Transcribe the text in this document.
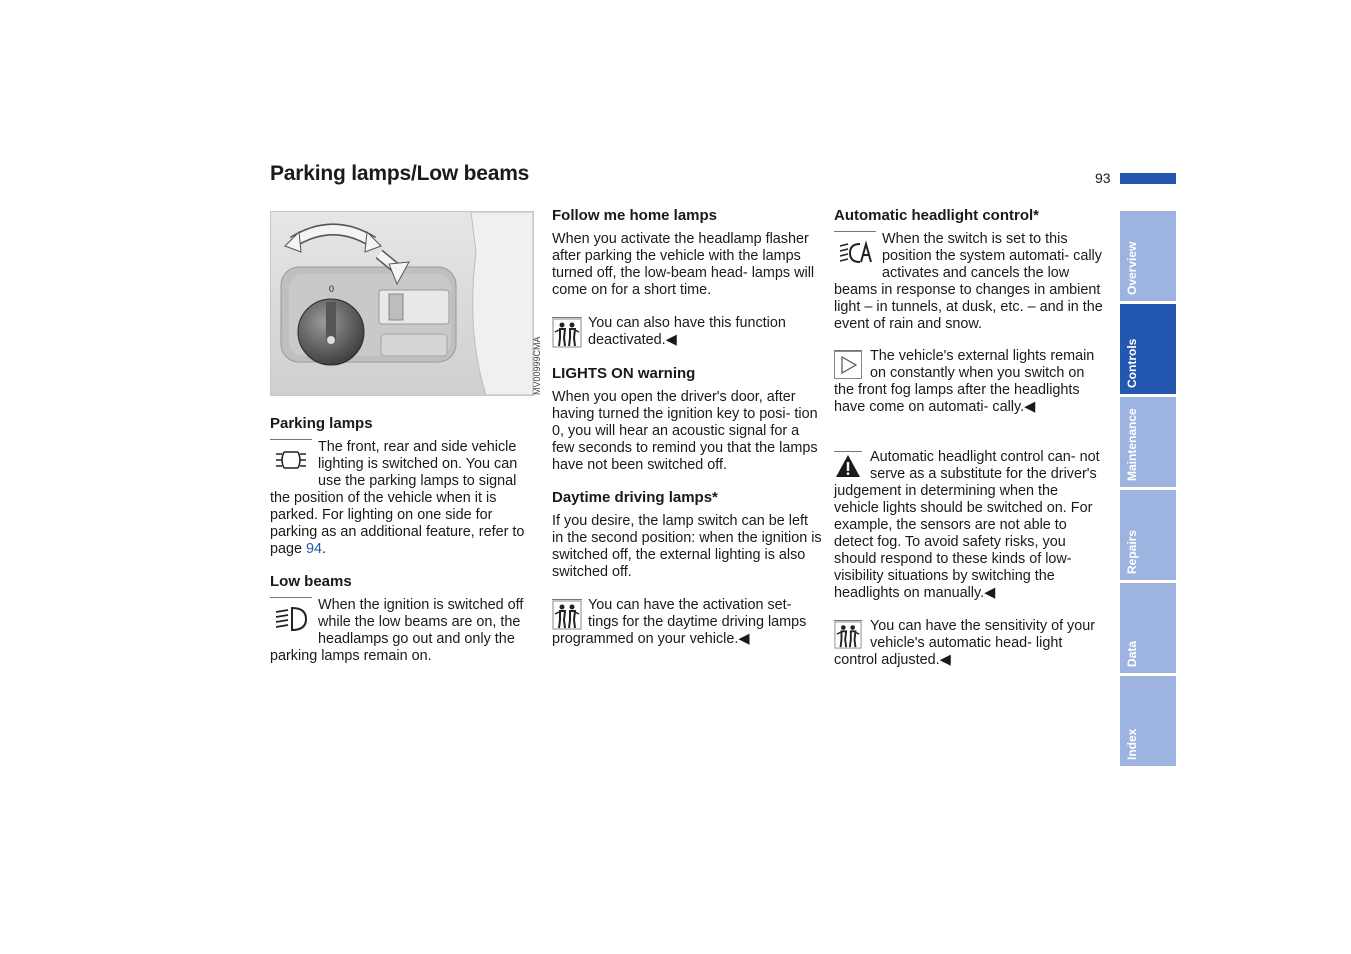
Parking lamps/Low beams	93
0
MV00999CMA
Parking lamps

The front, rear and side vehicle lighting is switched on. You can use the parking lamps to signal the position of the vehicle when it is parked. For lighting on one side for parking as an additional feature, refer to page 94.

Low beams

When the ignition is switched off while the low beams are on, the headlamps go out and only the parking lamps remain on.

Follow me home lamps

When you activate the headlamp flasher after parking the vehicle with the lamps turned off, the low-beam head- lamps will come on for a short time.

You can also have this function deactivated.◀

LIGHTS ON warning

When you open the driver's door, after having turned the ignition key to posi- tion 0, you will hear an acoustic signal for a few seconds to remind you that the lamps have not been switched off.

Daytime driving lamps*

If you desire, the lamp switch can be left in the second position: when the ignition is switched off, the external lighting is also switched off.

You can have the activation set- tings for the daytime driving lamps programmed on your vehicle.◀

Automatic headlight control*

When the switch is set to this position the system automati- cally activates and cancels the low beams in response to changes in ambient light – in tunnels, at dusk, etc. – and in the event of rain and snow.

The vehicle's external lights remain on constantly when you switch on the front fog lamps after the headlights have come on automati- cally.◀

Automatic headlight control can- not serve as a substitute for the driver's judgement in determining when the vehicle lights should be switched on. For example, the sensors are not able to detect fog. To avoid safety risks, you should respond to these kinds of low-visibility situations by switching the headlights on manually.◀

You can have the sensitivity of your vehicle's automatic head- light control adjusted.◀

Overview
Controls
Maintenance
Repairs
Data
Index
